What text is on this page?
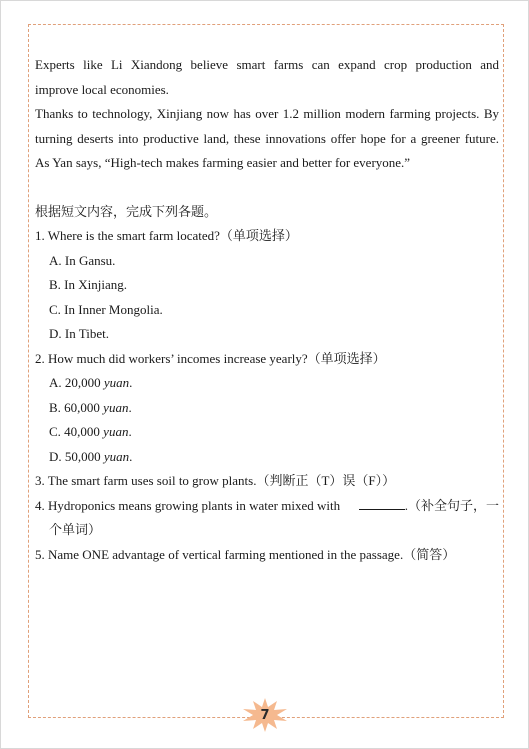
Experts like Li Xiandong believe smart farms can expand crop production and

improve local economies.

Thanks to technology, Xinjiang now has over 1.2 million modern farming projects. By

turning deserts into productive land, these innovations offer hope for a greener future.

As Yan says, “High-tech makes farming easier and better for everyone.”

根据短文内容，完成下列各题。
1. Where is the smart farm located?（单项选择）
A. In Gansu.
B. In Xinjiang.
C. In Inner Mongolia.
D. In Tibet.
2. How much did workers’ incomes increase yearly?（单项选择）
A. 20,000 yuan.
B. 60,000 yuan.
C. 40,000 yuan.
D. 50,000 yuan.
3. The smart farm uses soil to grow plants.（判断正（T）误（F））
4. Hydroponics means growing plants in water mixed with	.（补全句子，一
个单词）
5. Name ONE advantage of vertical farming mentioned in the passage.（简答）
7
